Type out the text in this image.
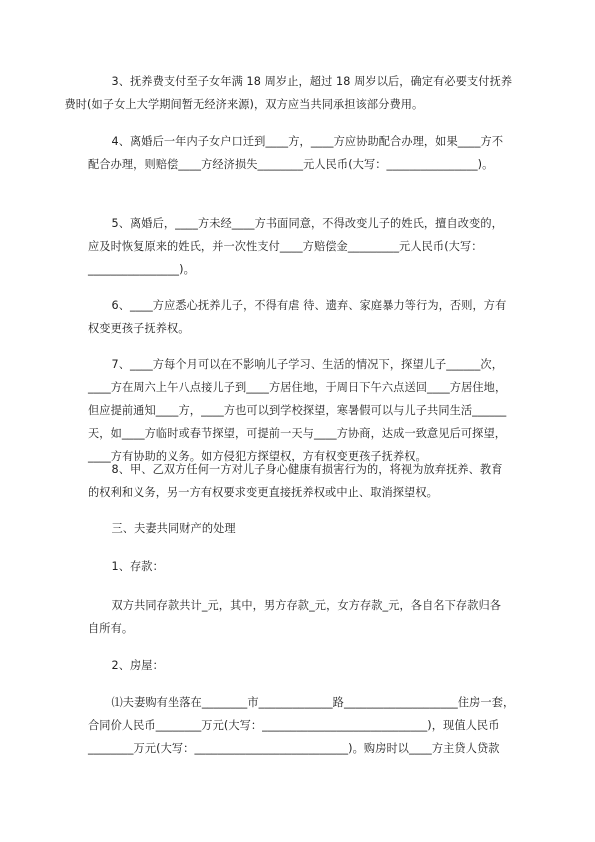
3、抚养费支付至子女年满 18 周岁止，超过 18 周岁以后，确定有必要支付抚养
费时(如子女上大学期间暂无经济来源)，双方应当共同承担该部分费用。
4、离婚后一年内子女户口迁到____方，____方应协助配合办理，如果____方不
配合办理，则赔偿____方经济损失________元人民币(大写：________________)。
5、离婚后，____方未经____方书面同意，不得改变儿子的姓氏，擅自改变的，
应及时恢复原来的姓氏，并一次性支付____方赔偿金_________元人民币(大写：
________________)。
6、____方应悉心抚养儿子，不得有虐 待、遗弃、家庭暴力等行为，否则，方有
权变更孩子抚养权。
7、____方每个月可以在不影响儿子学习、生活的情况下，探望儿子______次，
____方在周六上午八点接儿子到____方居住地，于周日下午六点送回____方居住地，
但应提前通知____方，____方也可以到学校探望，寒暑假可以与儿子共同生活______
天，如____方临时或春节探望，可提前一天与____方协商，达成一致意见后可探望，
____方有协助的义务。如方侵犯方探望权，方有权变更孩子抚养权。
8、甲、乙双方任何一方对儿子身心健康有损害行为的，将视为放弃抚养、教育
的权利和义务，另一方有权要求变更直接抚养权或中止、取消探望权。
三、夫妻共同财产的处理
1、存款：
双方共同存款共计_元，其中，男方存款_元，女方存款_元，各自名下存款归各
自所有。
2、房屋：
⑴夫妻购有坐落在________市_____________路____________________住房一套，
合同价人民币________万元(大写：_____________________________)，现值人民币
________万元(大写：___________________________)。购房时以____方主贷人贷款
